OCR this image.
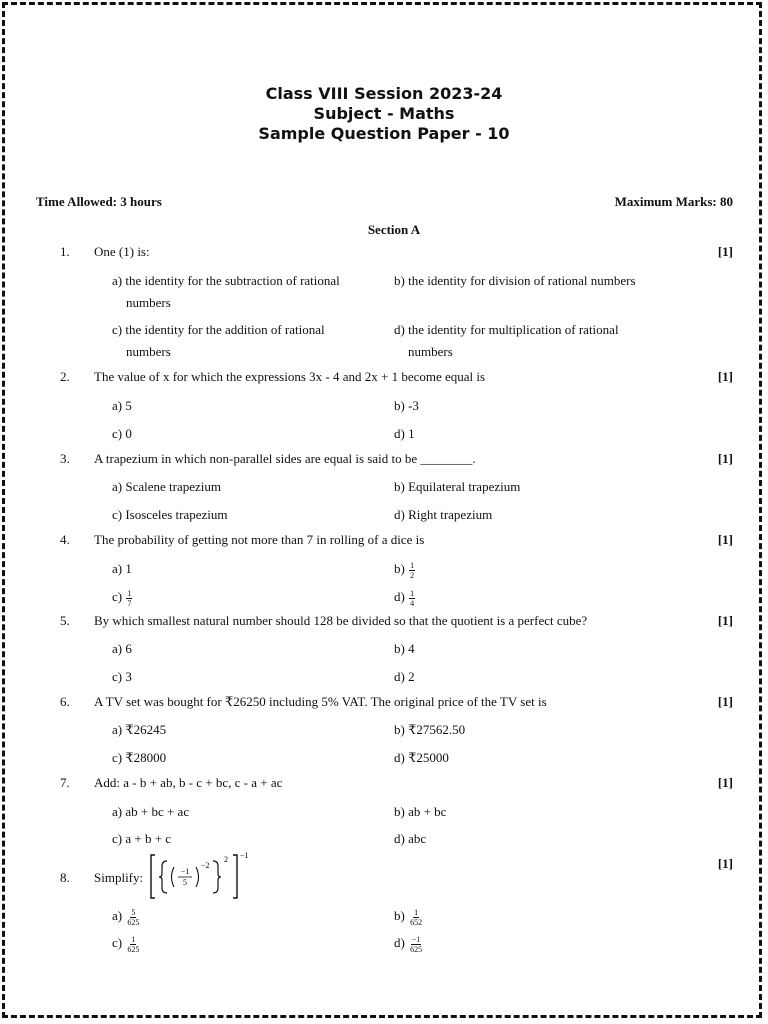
Class VIII Session 2023-24
Subject - Maths
Sample Question Paper - 10
Time Allowed: 3 hours	Maximum Marks: 80
Section A
1. One (1) is:	[1]
a) the identity for the subtraction of rational
numbers
b) the identity for division of rational numbers
c) the identity for the addition of rational
numbers
d) the identity for multiplication of rational
numbers
2. The value of x for which the expressions 3x - 4 and 2x + 1 become equal is	[1]
a) 5	b) -3
c) 0	d) 1
3. A trapezium in which non-parallel sides are equal is said to be ________.	[1]
a) Scalene trapezium	b) Equilateral trapezium
c) Isosceles trapezium	d) Right trapezium
4. The probability of getting not more than 7 in rolling of a dice is	[1]
a) 1	$b) \frac{1}{2}$
$c) \frac{1}{7}$	$d) \frac{1}{4}$
5. By which smallest natural number should 128 be divided so that the quotient is a perfect cube?	[1]
a) 6	b) 4
c) 3	d) 2
6. A TV set was bought for ₹26250 including 5% VAT. The original price of the TV set is	[1]
a) ₹26245	b) ₹27562.50
c) ₹28000	d) ₹25000
7. Add: a - b + ab, b - c + bc, c - a + ac	[1]
a) ab + bc + ac	b) ab + bc
c) a + b + c	d) abc
8. Simplify:
[1]
−1
5
−2
2 −1
$a) \frac{5}{625}$	$b) \frac{1}{652}$
$c) \frac{1}{625}$	$d) \frac{-1}{625}$
